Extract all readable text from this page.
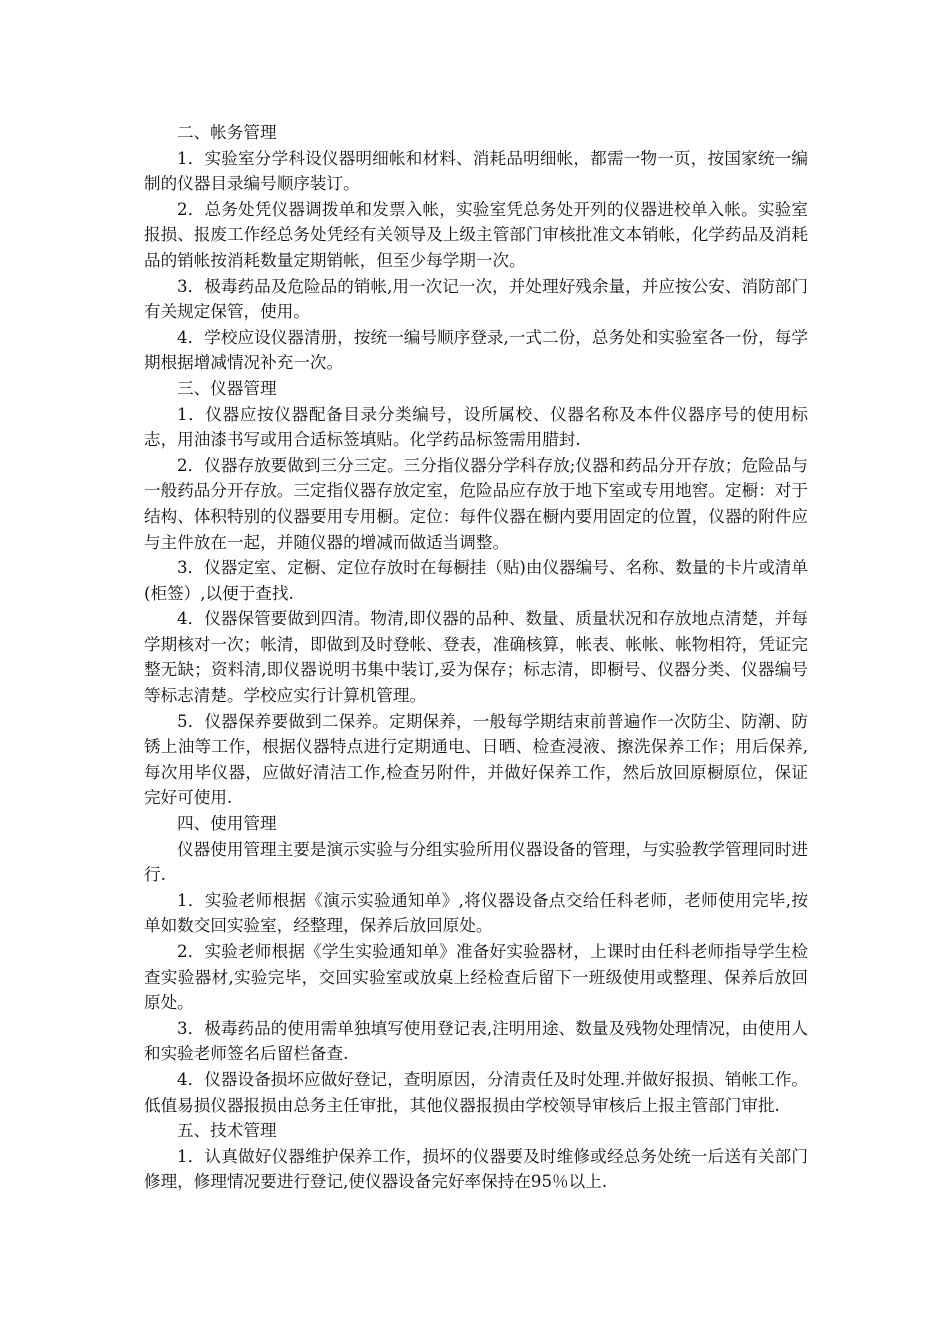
二、帐务管理

1．实验室分学科设仪器明细帐和材料、消耗品明细帐，都需一物一页，按国家统一编制的仪器目录编号顺序装订。

2．总务处凭仪器调拨单和发票入帐，实验室凭总务处开列的仪器进校单入帐。实验室报损、报废工作经总务处凭经有关领导及上级主管部门审核批准文本销帐，化学药品及消耗品的销帐按消耗数量定期销帐，但至少每学期一次。

3．极毒药品及危险品的销帐,用一次记一次，并处理好残余量，并应按公安、消防部门有关规定保管，使用。

4．学校应设仪器清册，按统一编号顺序登录,一式二份，总务处和实验室各一份，每学期根据增减情况补充一次。

三、仪器管理

1．仪器应按仪器配备目录分类编号，设所属校、仪器名称及本件仪器序号的使用标志，用油漆书写或用合适标签填贴。化学药品标签需用腊封.

2．仪器存放要做到三分三定。三分指仪器分学科存放;仪器和药品分开存放；危险品与一般药品分开存放。三定指仪器存放定室，危险品应存放于地下室或专用地窖。定橱：对于结构、体积特别的仪器要用专用橱。定位：每件仪器在橱内要用固定的位置，仪器的附件应与主件放在一起，并随仪器的增减而做适当调整。

3．仪器定室、定橱、定位存放时在每橱挂（贴)由仪器编号、名称、数量的卡片或清单(柜签）,以便于查找.

4．仪器保管要做到四清。物清,即仪器的品种、数量、质量状况和存放地点清楚，并每学期核对一次；帐清，即做到及时登帐、登表，准确核算，帐表、帐帐、帐物相符，凭证完整无缺；资料清,即仪器说明书集中装订,妥为保存；标志清，即橱号、仪器分类、仪器编号等标志清楚。学校应实行计算机管理。

5．仪器保养要做到二保养。定期保养，一般每学期结束前普遍作一次防尘、防潮、防锈上油等工作，根据仪器特点进行定期通电、日晒、检查浸液、擦洗保养工作；用后保养,每次用毕仪器，应做好清洁工作,检查另附件，并做好保养工作，然后放回原橱原位，保证完好可使用.

四、使用管理

仪器使用管理主要是演示实验与分组实验所用仪器设备的管理，与实验教学管理同时进行.

1．实验老师根据《演示实验通知单》,将仪器设备点交给任科老师，老师使用完毕,按单如数交回实验室，经整理，保养后放回原处。

2．实验老师根据《学生实验通知单》准备好实验器材，上课时由任科老师指导学生检查实验器材,实验完毕，交回实验室或放桌上经检查后留下一班级使用或整理、保养后放回原处。

3．极毒药品的使用需单独填写使用登记表,注明用途、数量及残物处理情况，由使用人和实验老师签名后留栏备查.

4．仪器设备损坏应做好登记，查明原因，分清责任及时处理.并做好报损、销帐工作。低值易损仪器报损由总务主任审批，其他仪器报损由学校领导审核后上报主管部门审批.

五、技术管理

1．认真做好仪器维护保养工作，损坏的仪器要及时维修或经总务处统一后送有关部门修理，修理情况要进行登记,使仪器设备完好率保持在95％以上.
